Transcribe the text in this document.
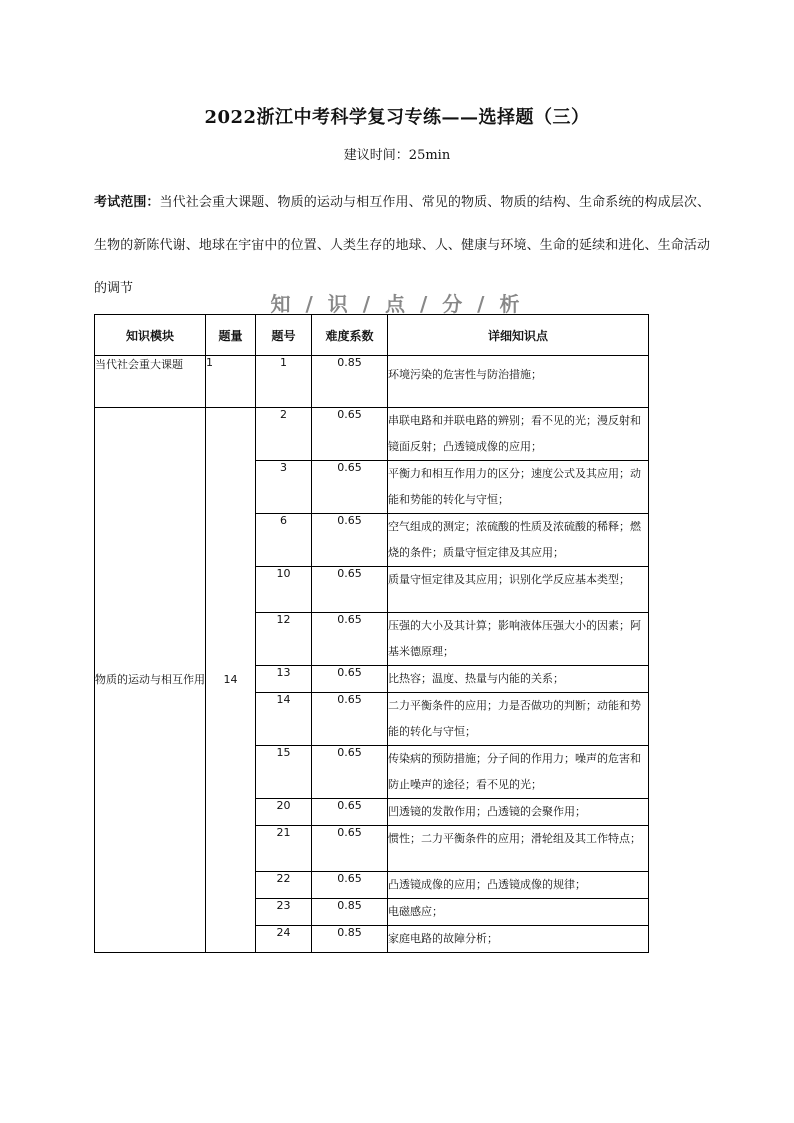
2022浙江中考科学复习专练——选择题（三）
建议时间：25min
考试范围：当代社会重大课题、物质的运动与相互作用、常见的物质、物质的结构、生命系统的构成层次、生物的新陈代谢、地球在宇宙中的位置、人类生存的地球、人、健康与环境、生命的延续和进化、生命活动的调节
知 / 识 / 点 / 分 / 析
知识模块	题量	题号	难度系数	详细知识点
当代社会重大课题	1	1	0.85	环境污染的危害性与防治措施；
物质的运动与相互作用	14	2	0.65	串联电路和并联电路的辨别；看不见的光；漫反射和镜面反射；凸透镜成像的应用；
		3	0.65	平衡力和相互作用力的区分；速度公式及其应用；动能和势能的转化与守恒；
		6	0.65	空气组成的测定；浓硫酸的性质及浓硫酸的稀释；燃烧的条件；质量守恒定律及其应用；
		10	0.65	质量守恒定律及其应用；识别化学反应基本类型；
		12	0.65	压强的大小及其计算；影响液体压强大小的因素；阿基米德原理；
		13	0.65	比热容；温度、热量与内能的关系；
		14	0.65	二力平衡条件的应用；力是否做功的判断；动能和势能的转化与守恒；
		15	0.65	传染病的预防措施；分子间的作用力；噪声的危害和防止噪声的途径；看不见的光；
		20	0.65	凹透镜的发散作用；凸透镜的会聚作用；
		21	0.65	惯性；二力平衡条件的应用；滑轮组及其工作特点；
		22	0.65	凸透镜成像的应用；凸透镜成像的规律；
		23	0.85	电磁感应；
		24	0.85	家庭电路的故障分析；
